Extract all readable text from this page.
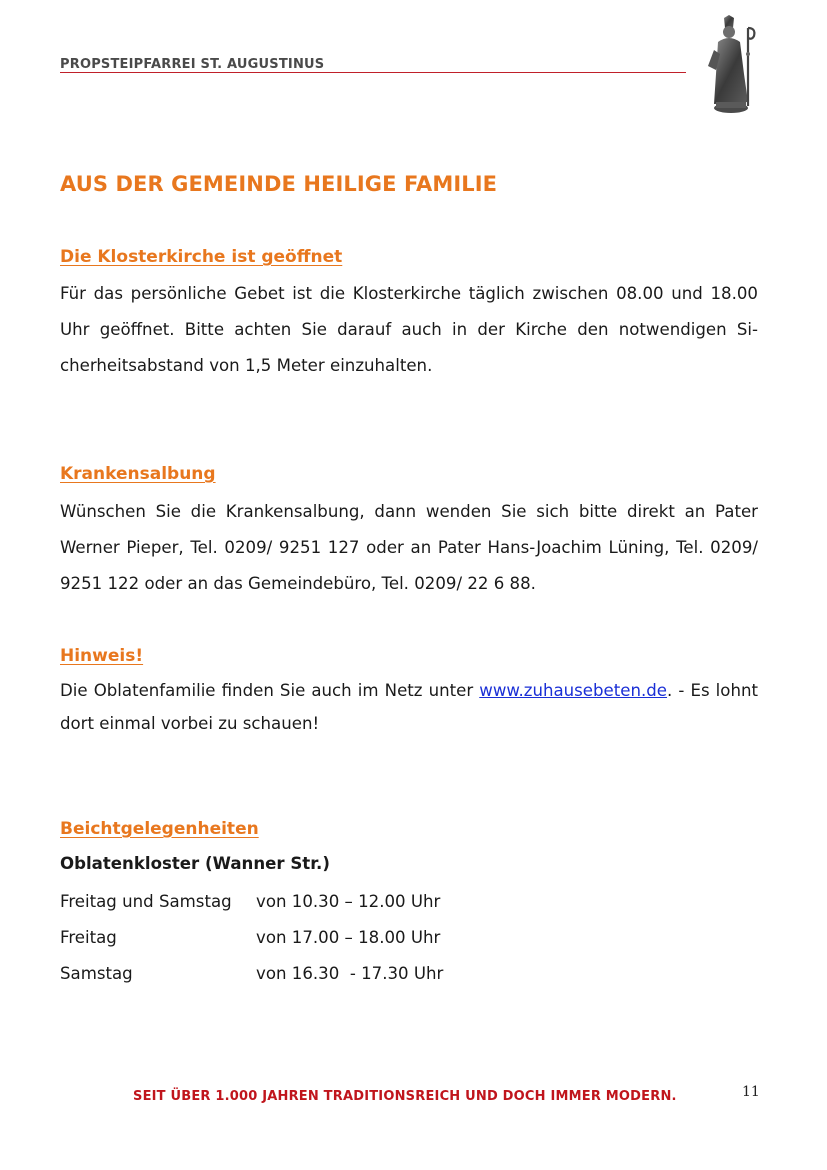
PROPSTEIPFARREI ST. AUGUSTINUS
AUS DER GEMEINDE HEILIGE FAMILIE
Die Klosterkirche ist geöffnet

Für das persönliche Gebet ist die Klosterkirche täglich zwischen 08.00 und 18.00 Uhr geöffnet. Bitte achten Sie darauf auch in der Kirche den notwendigen Si-cherheitsabstand von 1,5 Meter einzuhalten.

Krankensalbung

Wünschen Sie die Krankensalbung, dann wenden Sie sich bitte direkt an Pater Werner Pieper, Tel. 0209/ 9251 127 oder an Pater Hans-Joachim Lüning, Tel. 0209/ 9251 122 oder an das Gemeindebüro, Tel. 0209/ 22 6 88.

Hinweis!

Die Oblatenfamilie finden Sie auch im Netz unter www.zuhausebeten.de. - Es lohnt dort einmal vorbei zu schauen!

Beichtgelegenheiten
Oblatenkloster (Wanner Str.)
Freitag und Samstag von 10.30 – 12.00 Uhr
Freitag	von 17.00 – 18.00 Uhr
Samstag	von 16.30  - 17.30 Uhr
SEIT ÜBER 1.000 JAHREN TRADITIONSREICH UND DOCH IMMER MODERN.	11
